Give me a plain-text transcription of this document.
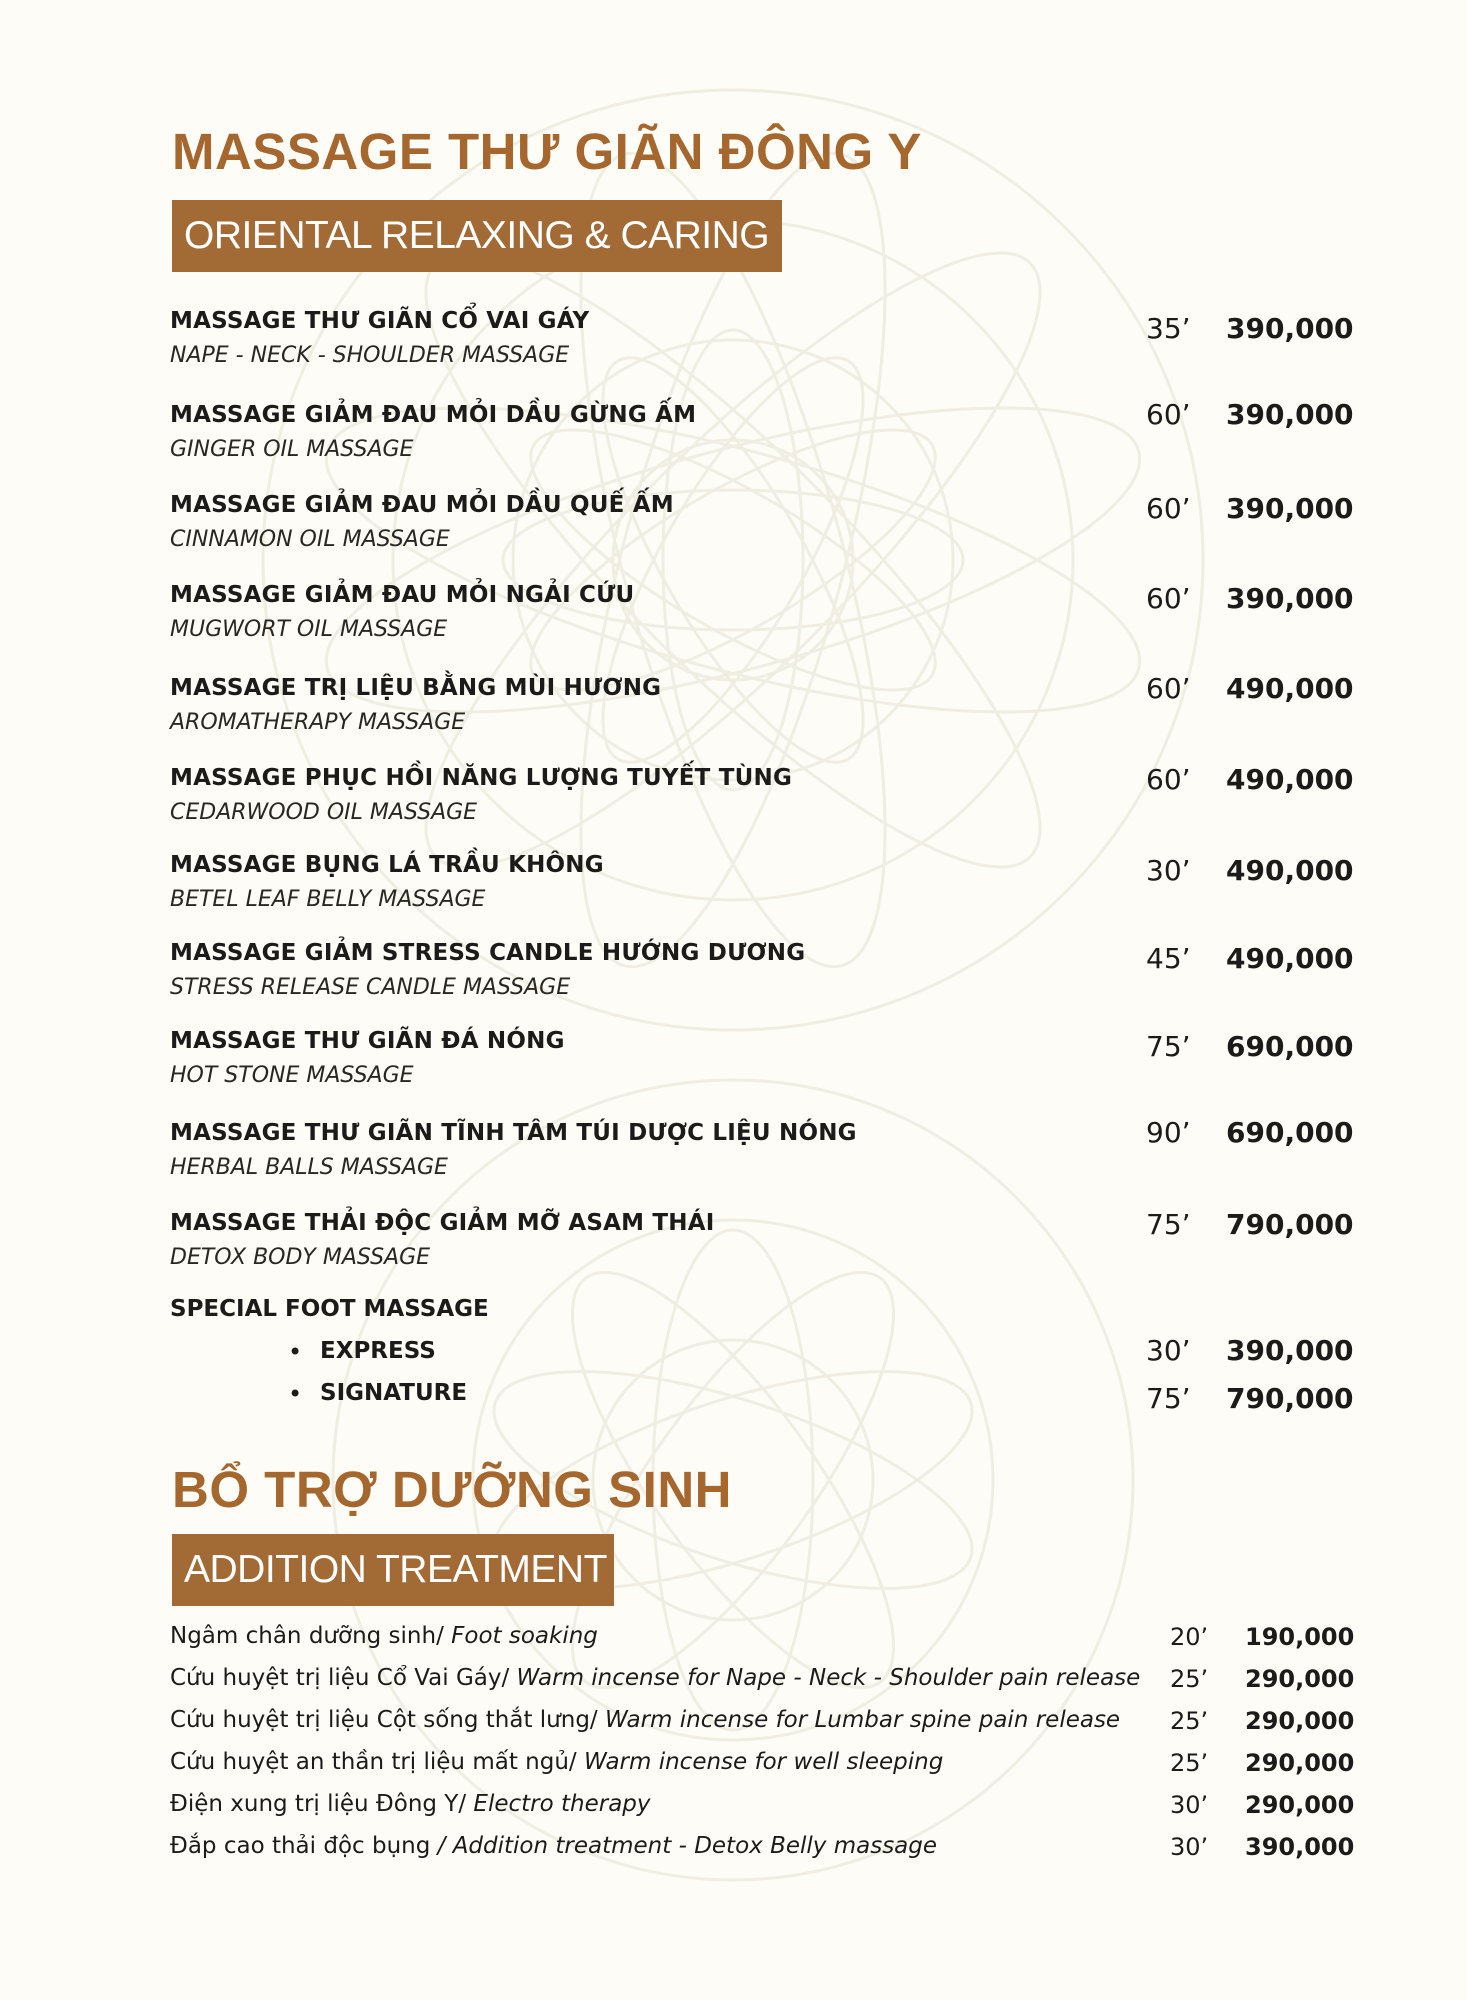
MASSAGE THƯ GIÃN ĐÔNG Y
ORIENTAL RELAXING & CARING
MASSAGE THƯ GIÃN CỔ VAI GÁY
NAPE - NECK - SHOULDER MASSAGE
35’ 390,000
MASSAGE GIẢM ĐAU MỎI DẦU GỪNG ẤM
GINGER OIL MASSAGE
60’ 390,000
MASSAGE GIẢM ĐAU MỎI DẦU QUẾ ẤM
CINNAMON OIL MASSAGE
60’ 390,000
MASSAGE GIẢM ĐAU MỎI NGẢI CỨU
MUGWORT OIL MASSAGE
60’ 390,000
MASSAGE TRỊ LIỆU BẰNG MÙI HƯƠNG
AROMATHERAPY MASSAGE
60’ 490,000
MASSAGE PHỤC HỒI NĂNG LƯỢNG TUYẾT TÙNG
CEDARWOOD OIL MASSAGE
60’ 490,000
MASSAGE BỤNG LÁ TRẦU KHÔNG
BETEL LEAF BELLY MASSAGE
30’ 490,000
MASSAGE GIẢM STRESS CANDLE HƯỚNG DƯƠNG
STRESS RELEASE CANDLE MASSAGE
45’ 490,000
MASSAGE THƯ GIÃN ĐÁ NÓNG
HOT STONE MASSAGE
75’ 690,000
MASSAGE THƯ GIÃN TĨNH TÂM TÚI DƯỢC LIỆU NÓNG
HERBAL BALLS MASSAGE
90’ 690,000
MASSAGE THẢI ĐỘC GIẢM MỠ ASAM THÁI
DETOX BODY MASSAGE
75’ 790,000
SPECIAL FOOT MASSAGE
• EXPRESS	30’ 390,000
• SIGNATURE	75’ 790,000
BỔ TRỢ DƯỠNG SINH
ADDITION TREATMENT
Ngâm chân dưỡng sinh/ Foot soaking	20’ 190,000
Cứu huyệt trị liệu Cổ Vai Gáy/ Warm incense for Nape - Neck - Shoulder pain release 25’ 290,000
Cứu huyệt trị liệu Cột sống thắt lưng/ Warm incense for Lumbar spine pain release 25’ 290,000
Cứu huyệt an thần trị liệu mất ngủ/ Warm incense for well sleeping	25’ 290,000
Điện xung trị liệu Đông Y/ Electro therapy	30’ 290,000
Đắp cao thải độc bụng / Addition treatment - Detox Belly massage	30’ 390,000
